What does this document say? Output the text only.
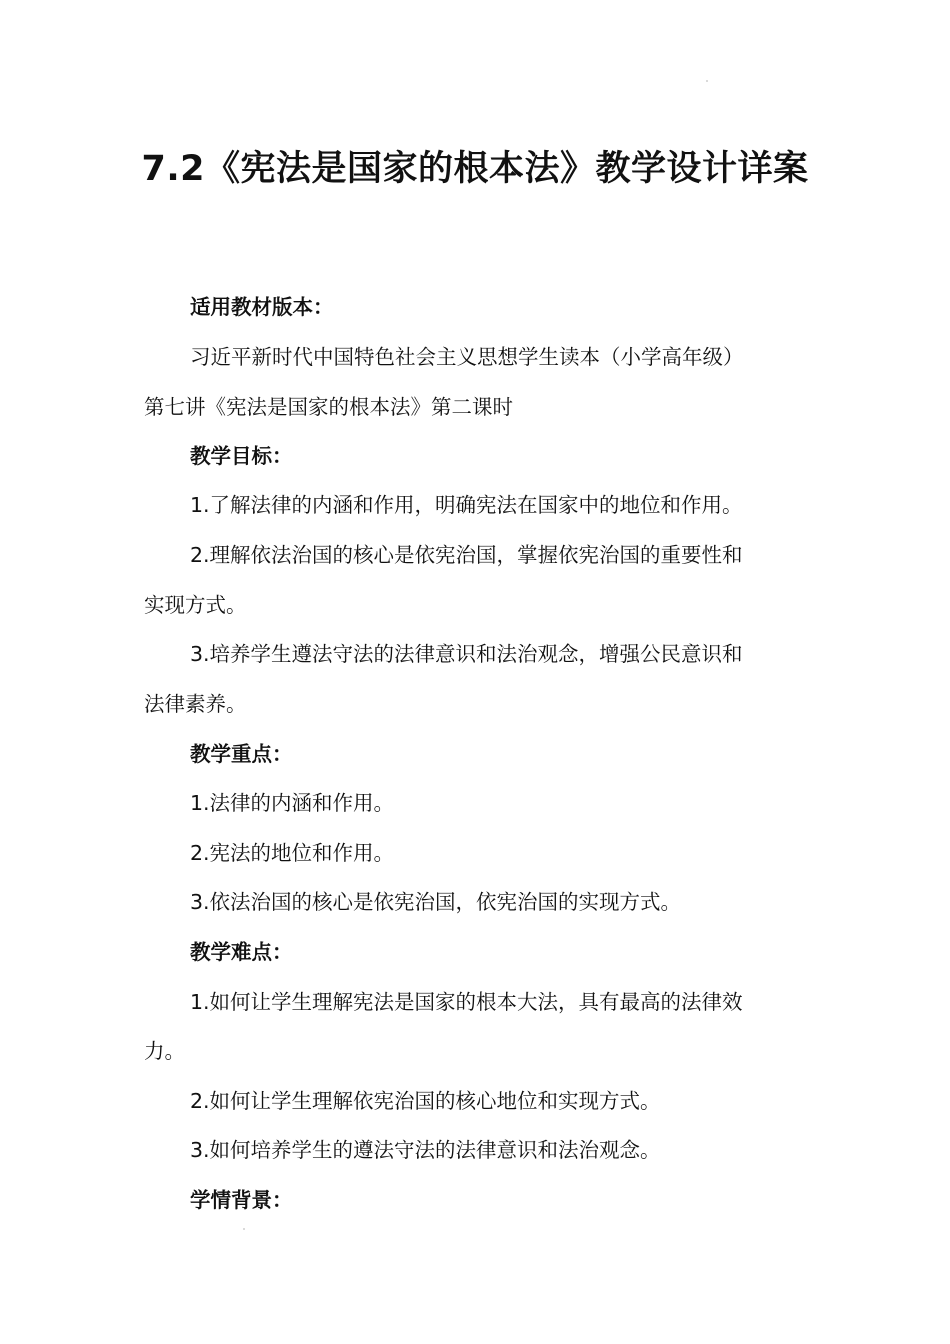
7.2《宪法是国家的根本法》教学设计详案
适用教材版本：
习近平新时代中国特色社会主义思想学生读本（小学高年级）
第七讲《宪法是国家的根本法》第二课时
教学目标：
1.了解法律的内涵和作用，明确宪法在国家中的地位和作用。
2.理解依法治国的核心是依宪治国，掌握依宪治国的重要性和
实现方式。
3.培养学生遵法守法的法律意识和法治观念，增强公民意识和
法律素养。
教学重点：
1.法律的内涵和作用。
2.宪法的地位和作用。
3.依法治国的核心是依宪治国，依宪治国的实现方式。
教学难点：
1.如何让学生理解宪法是国家的根本大法，具有最高的法律效
力。
2.如何让学生理解依宪治国的核心地位和实现方式。
3.如何培养学生的遵法守法的法律意识和法治观念。
学情背景：
